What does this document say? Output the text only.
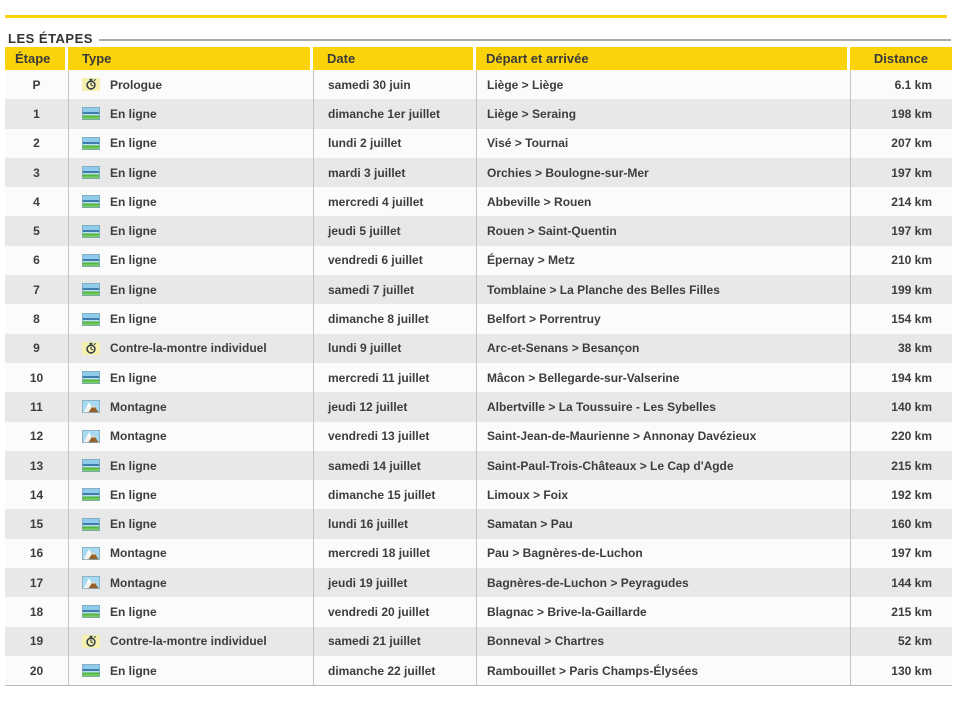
LES ÉTAPES
Étape	Type	Date	Départ et arrivée	Distance
P	Prologue	samedi 30 juin	Liège > Liège	6.1 km
1	En ligne	dimanche 1er juillet	Liège > Seraing	198 km
2	En ligne	lundi 2 juillet	Visé > Tournai	207 km
3	En ligne	mardi 3 juillet	Orchies > Boulogne-sur-Mer	197 km
4	En ligne	mercredi 4 juillet	Abbeville > Rouen	214 km
5	En ligne	jeudi 5 juillet	Rouen > Saint-Quentin	197 km
6	En ligne	vendredi 6 juillet	Épernay > Metz	210 km
7	En ligne	samedi 7 juillet	Tomblaine > La Planche des Belles Filles	199 km
8	En ligne	dimanche 8 juillet	Belfort > Porrentruy	154 km
9	Contre-la-montre individuel	lundi 9 juillet	Arc-et-Senans > Besançon	38 km
10	En ligne	mercredi 11 juillet	Mâcon > Bellegarde-sur-Valserine	194 km
11	Montagne	jeudi 12 juillet	Albertville > La Toussuire - Les Sybelles	140 km
12	Montagne	vendredi 13 juillet	Saint-Jean-de-Maurienne > Annonay Davézieux	220 km
13	En ligne	samedi 14 juillet	Saint-Paul-Trois-Châteaux > Le Cap d'Agde	215 km
14	En ligne	dimanche 15 juillet	Limoux > Foix	192 km
15	En ligne	lundi 16 juillet	Samatan > Pau	160 km
16	Montagne	mercredi 18 juillet	Pau > Bagnères-de-Luchon	197 km
17	Montagne	jeudi 19 juillet	Bagnères-de-Luchon > Peyragudes	144 km
18	En ligne	vendredi 20 juillet	Blagnac > Brive-la-Gaillarde	215 km
19	Contre-la-montre individuel	samedi 21 juillet	Bonneval > Chartres	52 km
20	En ligne	dimanche 22 juillet	Rambouillet > Paris Champs-Élysées	130 km
